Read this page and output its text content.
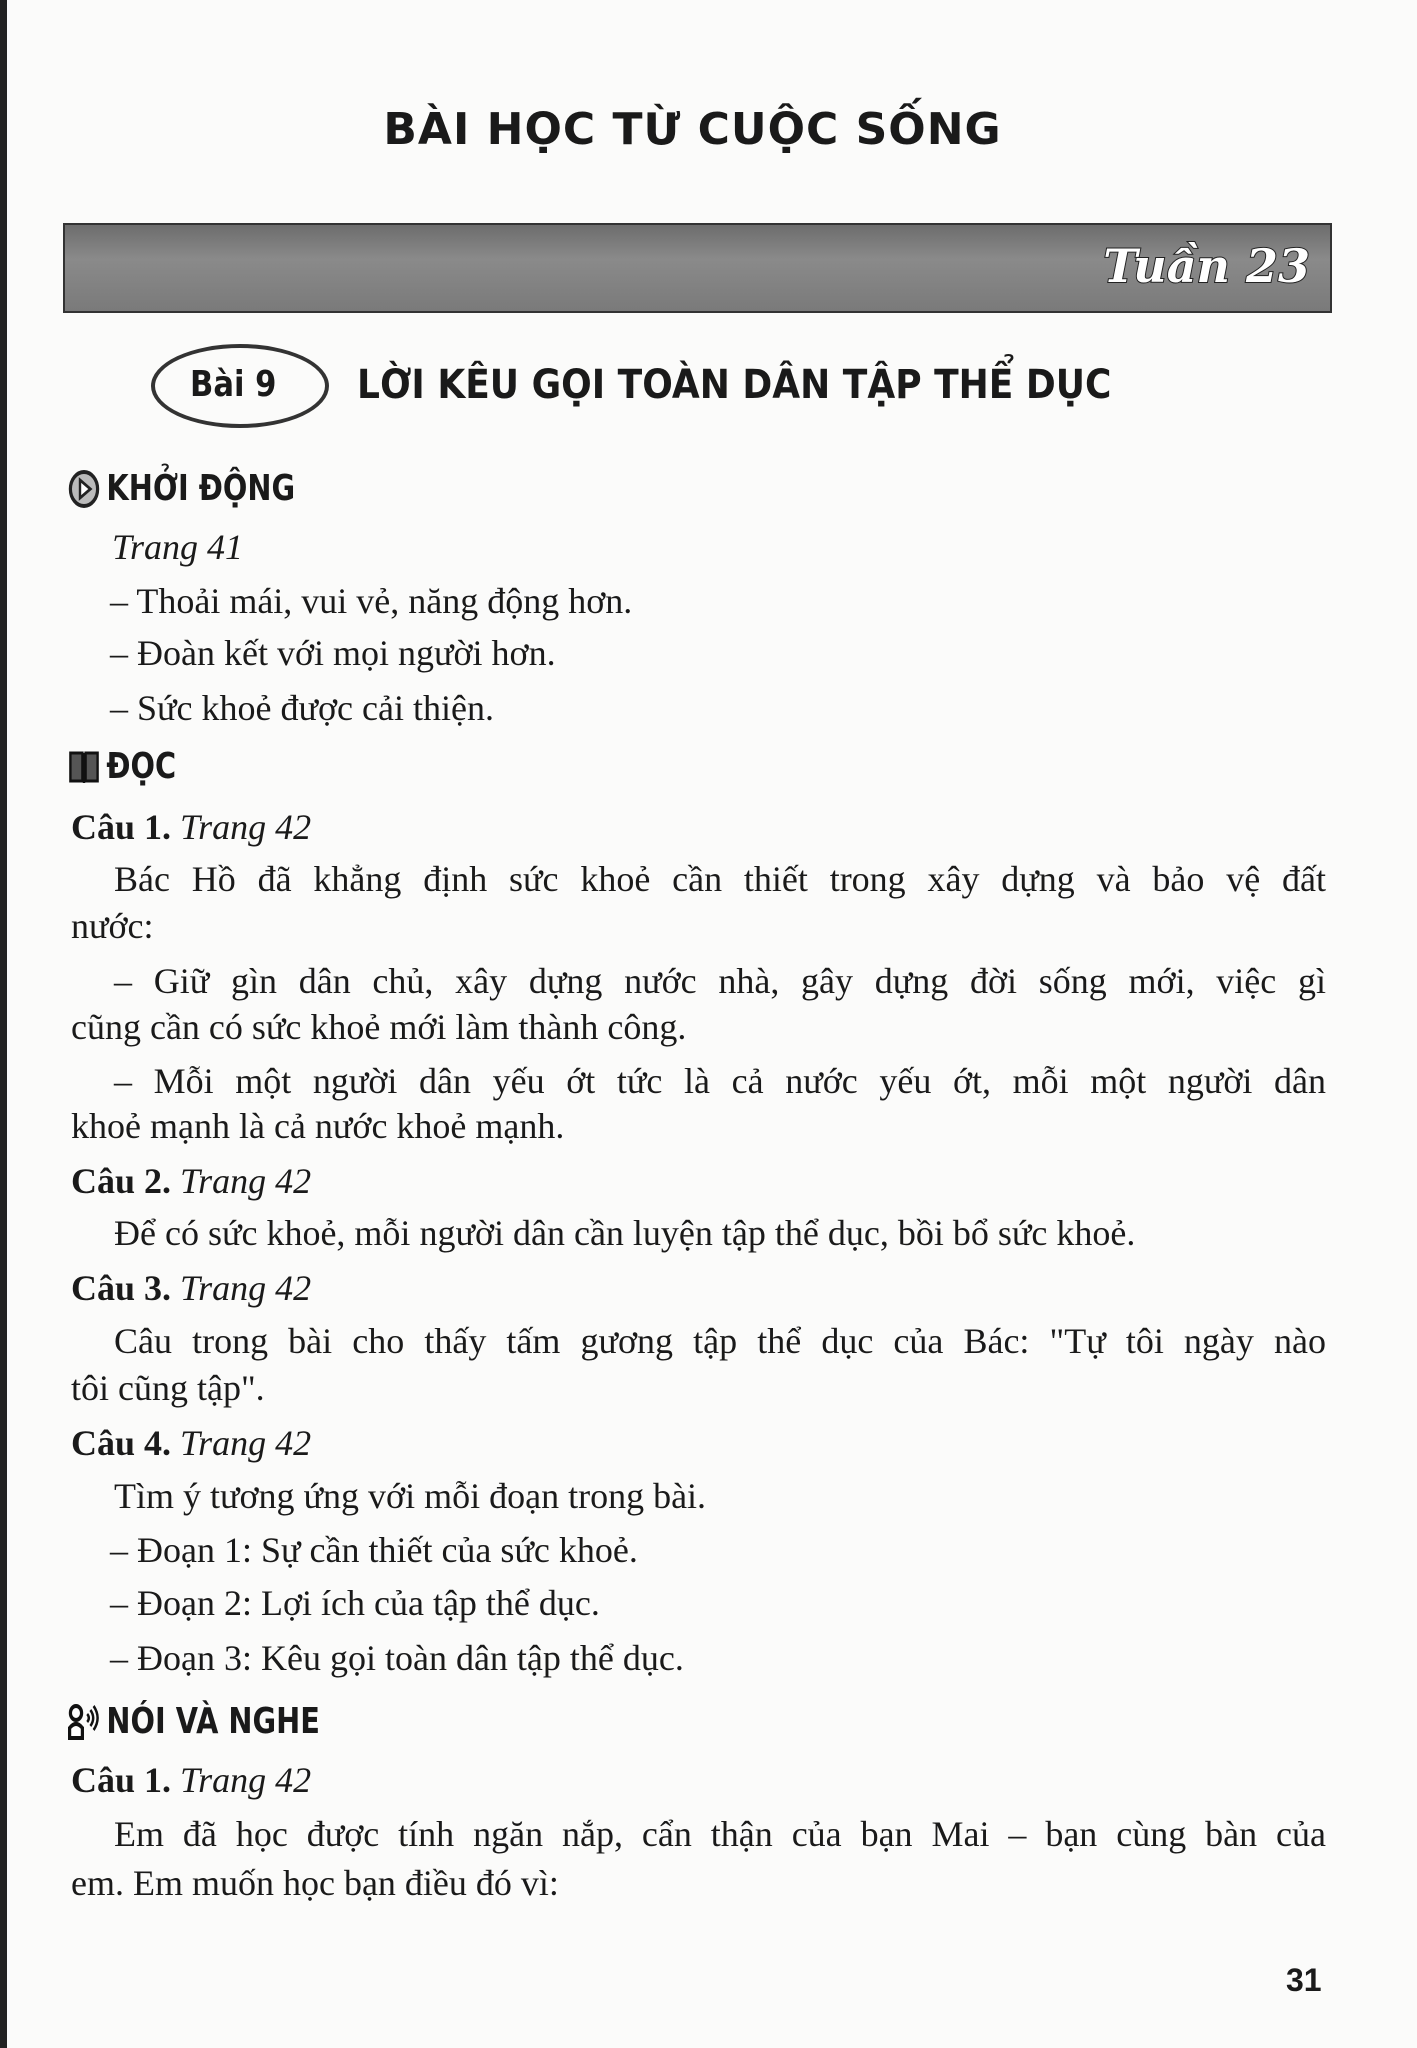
BÀI HỌC TỪ CUỘC SỐNG
Tuần 23
Bài 9 LỜI KÊU GỌI TOÀN DÂN TẬP THỂ DỤC
KHỞI ĐỘNG
Trang 41
– Thoải mái, vui vẻ, năng động hơn.
– Đoàn kết với mọi người hơn.
– Sức khoẻ được cải thiện.
ĐỌC
Câu 1. Trang 42
Bác Hồ đã khẳng định sức khoẻ cần thiết trong xây dựng và bảo vệ đất
nước:
– Giữ gìn dân chủ, xây dựng nước nhà, gây dựng đời sống mới, việc gì
cũng cần có sức khoẻ mới làm thành công.
– Mỗi một người dân yếu ớt tức là cả nước yếu ớt, mỗi một người dân
khoẻ mạnh là cả nước khoẻ mạnh.
Câu 2. Trang 42
Để có sức khoẻ, mỗi người dân cần luyện tập thể dục, bồi bổ sức khoẻ.
Câu 3. Trang 42
Câu trong bài cho thấy tấm gương tập thể dục của Bác: "Tự tôi ngày nào
tôi cũng tập".
Câu 4. Trang 42
Tìm ý tương ứng với mỗi đoạn trong bài.
– Đoạn 1: Sự cần thiết của sức khoẻ.
– Đoạn 2: Lợi ích của tập thể dục.
– Đoạn 3: Kêu gọi toàn dân tập thể dục.
NÓI VÀ NGHE
Câu 1. Trang 42
Em đã học được tính ngăn nắp, cẩn thận của bạn Mai – bạn cùng bàn của
em. Em muốn học bạn điều đó vì:
31
